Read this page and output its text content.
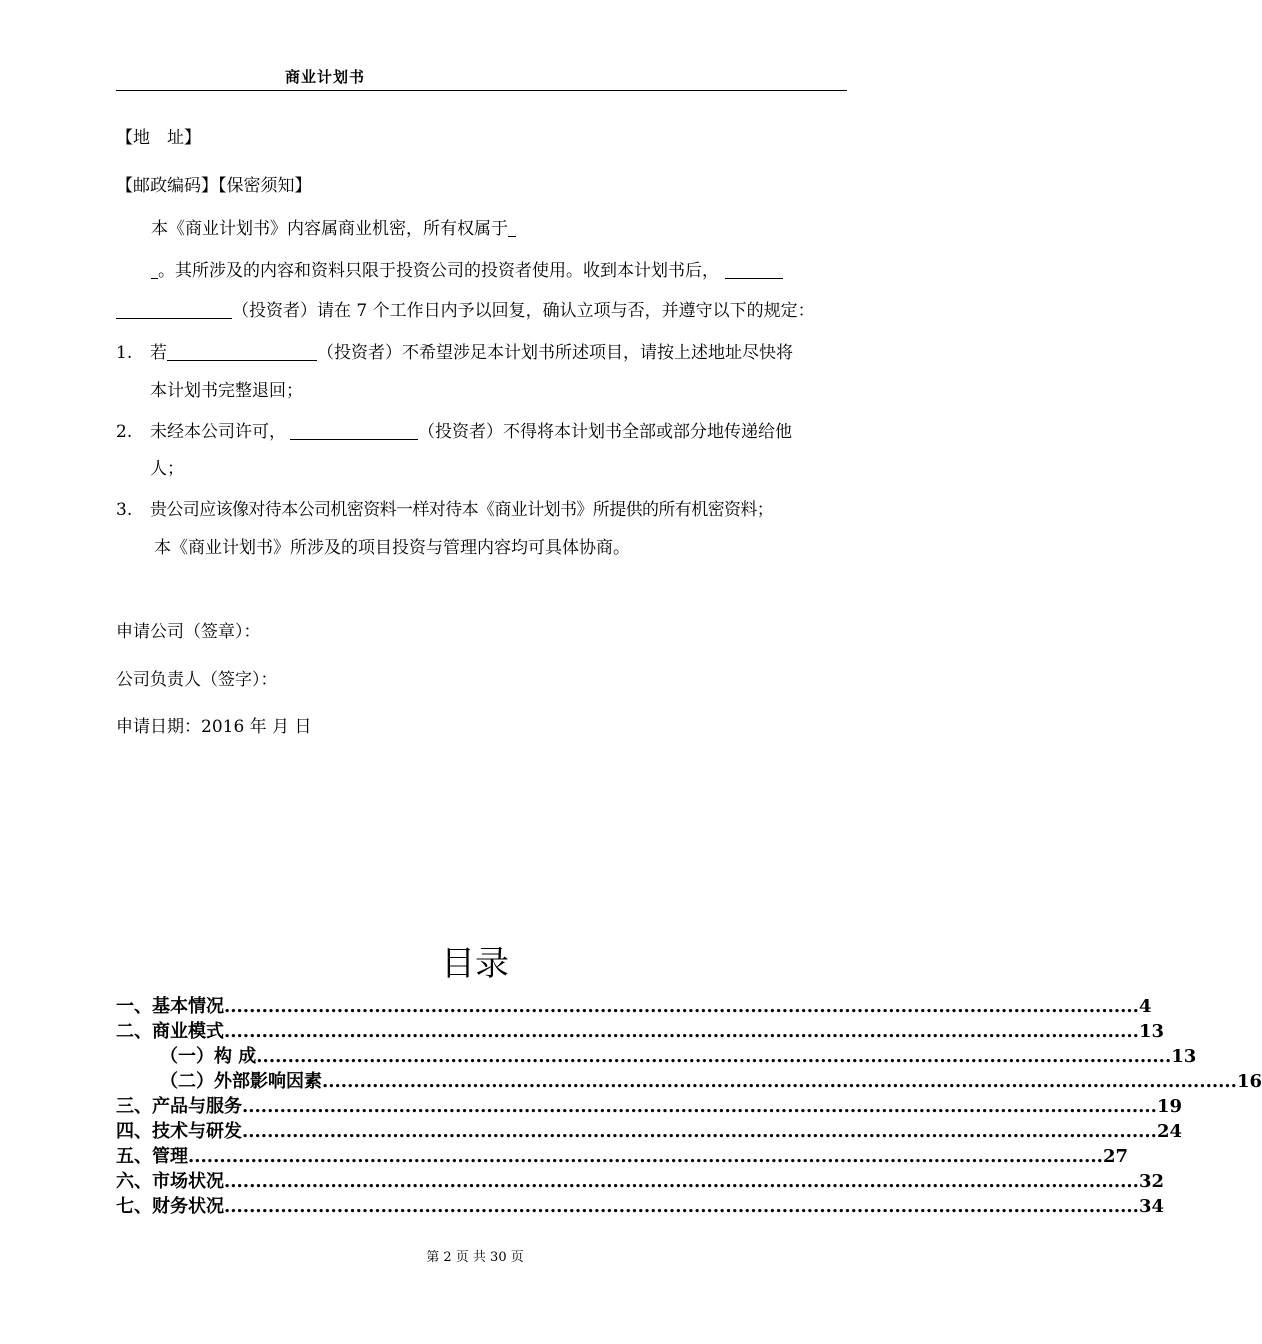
商业计划书
【地　址】
【邮政编码】【保密须知】
本《商业计划书》内容属商业机密，所有权属于
。其所涉及的内容和资料只限于投资公司的投资者使用。收到本计划书后，
（投资者）请在 7 个工作日内予以回复，确认立项与否，并遵守以下的规定：
1. 若	（投资者）不希望涉足本计划书所述项目，请按上述地址尽快将
本计划书完整退回；
2. 未经本公司许可，	（投资者）不得将本计划书全部或部分地传递给他
人；
3. 贵公司应该像对待本公司机密资料一样对待本《商业计划书》所提供的所有机密资料；
本《商业计划书》所涉及的项目投资与管理内容均可具体协商。
申请公司（签章）：
公司负责人（签字）：
申请日期：2016 年 月 日
目录
一、基本情况 .................................................................................................................................................. 4
二、商业模式 .................................................................................................................................................. 13
（一）构 成 .................................................................................................................................................. 13
（二）外部影响因素 .................................................................................................................................................. 16
三、产品与服务 .................................................................................................................................................. 19
四、技术与研发 .................................................................................................................................................. 24
五、管理 .................................................................................................................................................. 27
六、市场状况 .................................................................................................................................................. 32
七、财务状况 .................................................................................................................................................. 34
第 2 页 共 30 页
